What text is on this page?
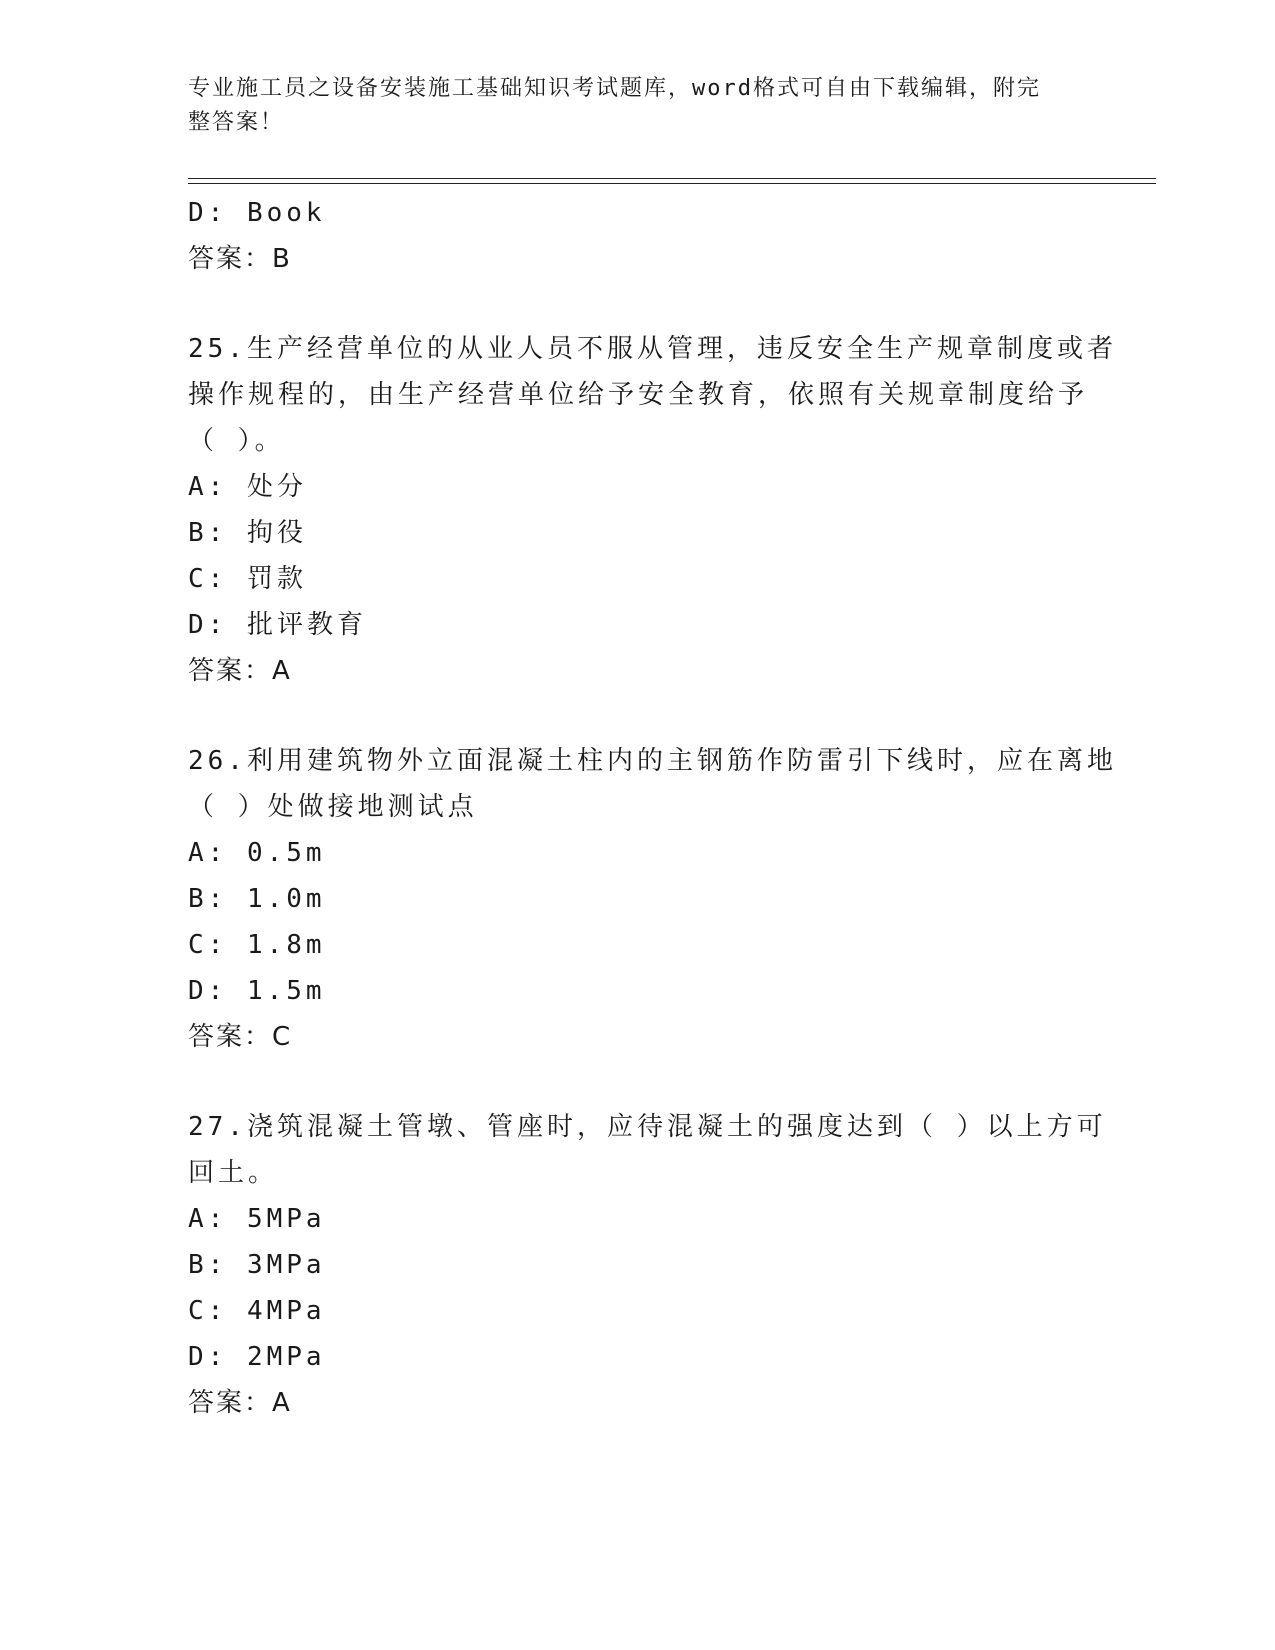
专业施工员之设备安装施工基础知识考试题库，word格式可自由下载编辑，附完
整答案！
D: Book
答案：B
25.生产经营单位的从业人员不服从管理，违反安全生产规章制度或者
操作规程的，由生产经营单位给予安全教育，依照有关规章制度给予
（ ）。
A: 处分
B: 拘役
C: 罚款
D: 批评教育
答案：A
26.利用建筑物外立面混凝土柱内的主钢筋作防雷引下线时，应在离地
（ ）处做接地测试点
A: 0.5m
B: 1.0m
C: 1.8m
D: 1.5m
答案：C
27.浇筑混凝土管墩、管座时，应待混凝土的强度达到（ ）以上方可
回土。
A: 5MPa
B: 3MPa
C: 4MPa
D: 2MPa
答案：A
